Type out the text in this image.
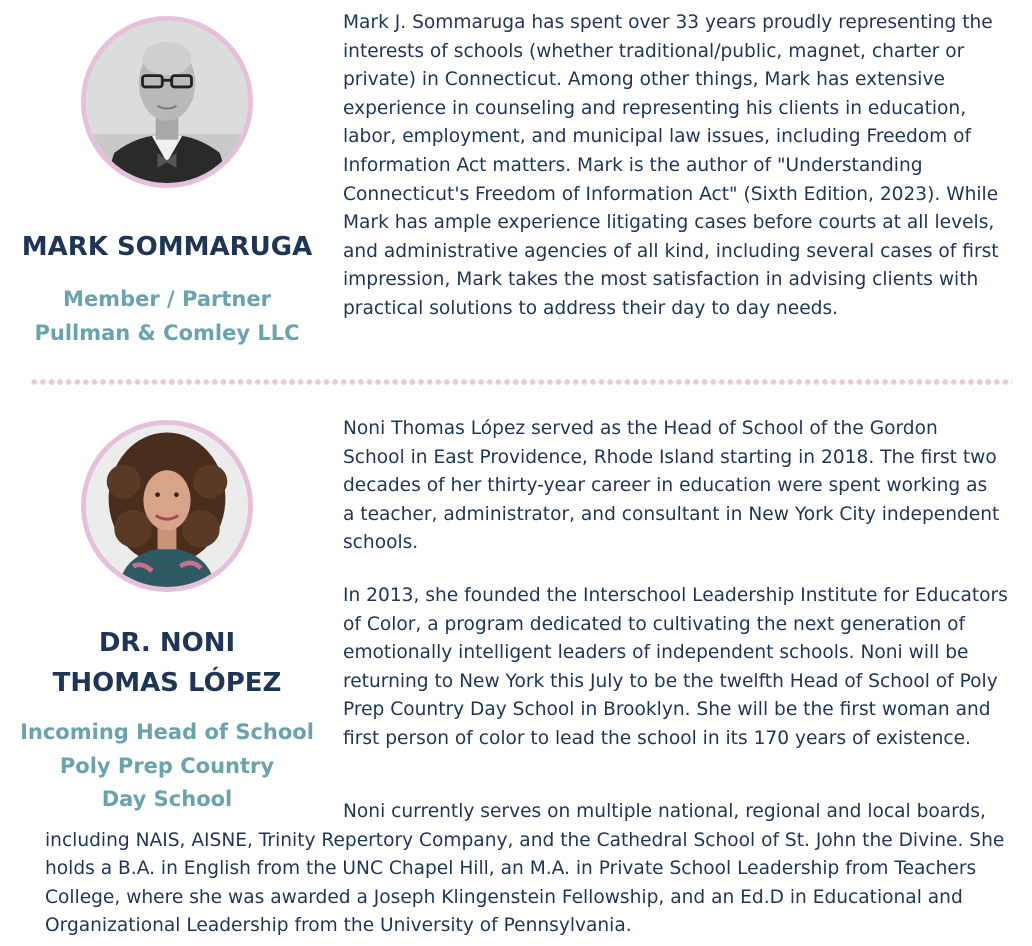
MARK SOMMARUGA
Member / Partner
Pullman & Comley LLC

Mark J. Sommaruga has spent over 33 years proudly representing the interests of schools (whether traditional/public, magnet, charter or private) in Connecticut. Among other things, Mark has extensive experience in counseling and representing his clients in education, labor, employment, and municipal law issues, including Freedom of Information Act matters. Mark is the author of "Understanding Connecticut's Freedom of Information Act" (Sixth Edition, 2023). While Mark has ample experience litigating cases before courts at all levels, and administrative agencies of all kind, including several cases of first impression, Mark takes the most satisfaction in advising clients with practical solutions to address their day to day needs.

DR. NONI
THOMAS LÓPEZ
Incoming Head of School
Poly Prep Country
Day School

Noni Thomas López served as the Head of School of the Gordon School in East Providence, Rhode Island starting in 2018. The first two decades of her thirty-year career in education were spent working as a teacher, administrator, and consultant in New York City independent schools.

In 2013, she founded the Interschool Leadership Institute for Educators of Color, a program dedicated to cultivating the next generation of emotionally intelligent leaders of independent schools. Noni will be returning to New York this July to be the twelfth Head of School of Poly Prep Country Day School in Brooklyn. She will be the first woman and first person of color to lead the school in its 170 years of existence.

Noni currently serves on multiple national, regional and local boards, including NAIS, AISNE, Trinity Repertory Company, and the Cathedral School of St. John the Divine. She holds a B.A. in English from the UNC Chapel Hill, an M.A. in Private School Leadership from Teachers College, where she was awarded a Joseph Klingenstein Fellowship, and an Ed.D in Educational and Organizational Leadership from the University of Pennsylvania.
